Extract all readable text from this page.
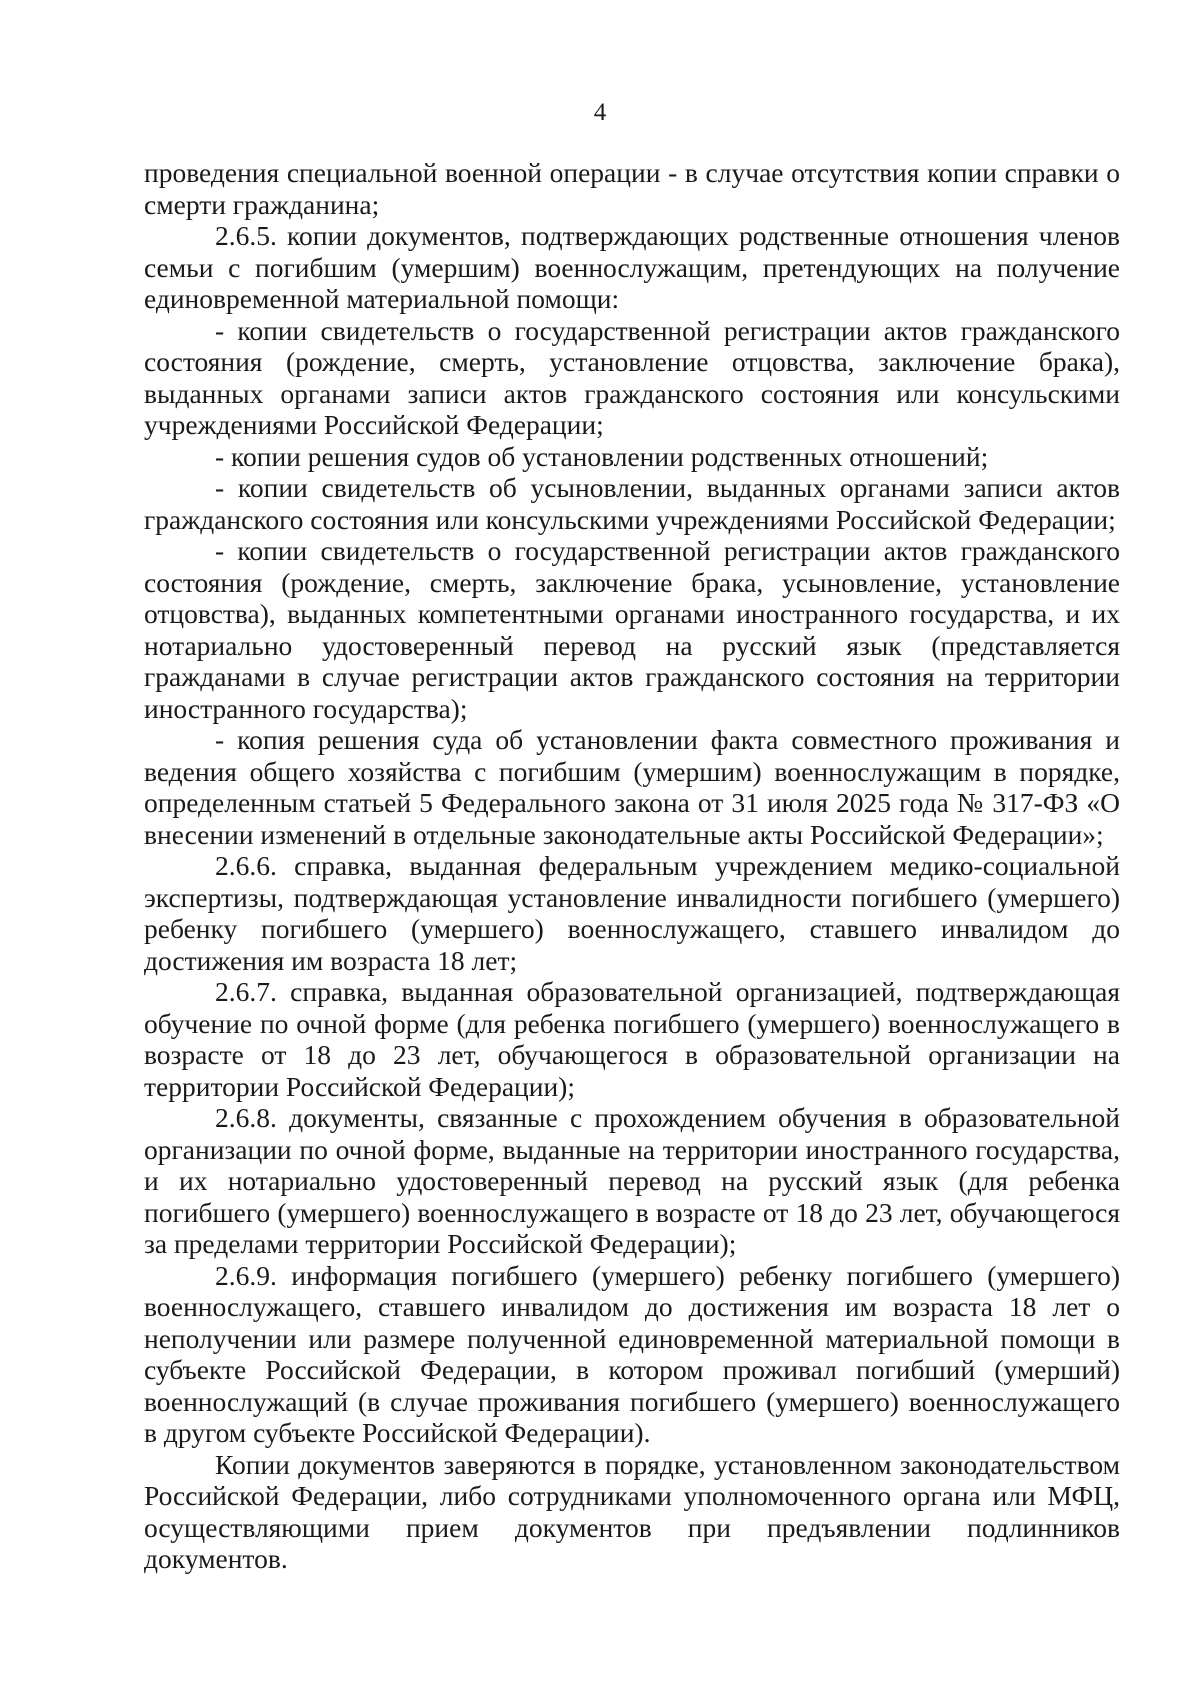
4

проведения специальной военной операции - в случае отсутствия копии справки о смерти гражданина;

2.6.5. копии документов, подтверждающих родственные отношения членов семьи с погибшим (умершим) военнослужащим, претендующих на получение единовременной материальной помощи:

- копии свидетельств о государственной регистрации актов гражданского состояния (рождение, смерть, установление отцовства, заключение брака), выданных органами записи актов гражданского состояния или консульскими учреждениями Российской Федерации;

- копии решения судов об установлении родственных отношений;

- копии свидетельств об усыновлении, выданных органами записи актов гражданского состояния или консульскими учреждениями Российской Федерации;

- копии свидетельств о государственной регистрации актов гражданского состояния (рождение, смерть, заключение брака, усыновление, установление отцовства), выданных компетентными органами иностранного государства, и их нотариально удостоверенный перевод на русский язык (представляется гражданами в случае регистрации актов гражданского состояния на территории иностранного государства);

- копия решения суда об установлении факта совместного проживания и ведения общего хозяйства с погибшим (умершим) военнослужащим в порядке, определенным статьей 5 Федерального закона от 31 июля 2025 года № 317-ФЗ «О внесении изменений в отдельные законодательные акты Российской Федерации»;

2.6.6. справка, выданная федеральным учреждением медико-социальной экспертизы, подтверждающая установление инвалидности погибшего (умершего) ребенку погибшего (умершего) военнослужащего, ставшего инвалидом до достижения им возраста 18 лет;

2.6.7. справка, выданная образовательной организацией, подтверждающая обучение по очной форме (для ребенка погибшего (умершего) военнослужащего в возрасте от 18 до 23 лет, обучающегося в образовательной организации на территории Российской Федерации);

2.6.8. документы, связанные с прохождением обучения в образовательной организации по очной форме, выданные на территории иностранного государства, и их нотариально удостоверенный перевод на русский язык (для ребенка погибшего (умершего) военнослужащего в возрасте от 18 до 23 лет, обучающегося за пределами территории Российской Федерации);

2.6.9. информация погибшего (умершего) ребенку погибшего (умершего) военнослужащего, ставшего инвалидом до достижения им возраста 18 лет о неполучении или размере полученной единовременной материальной помощи в субъекте Российской Федерации, в котором проживал погибший (умерший) военнослужащий (в случае проживания погибшего (умершего) военнослужащего в другом субъекте Российской Федерации).

Копии документов заверяются в порядке, установленном законодательством Российской Федерации, либо сотрудниками уполномоченного органа или МФЦ, осуществляющими прием документов при предъявлении подлинников документов.
